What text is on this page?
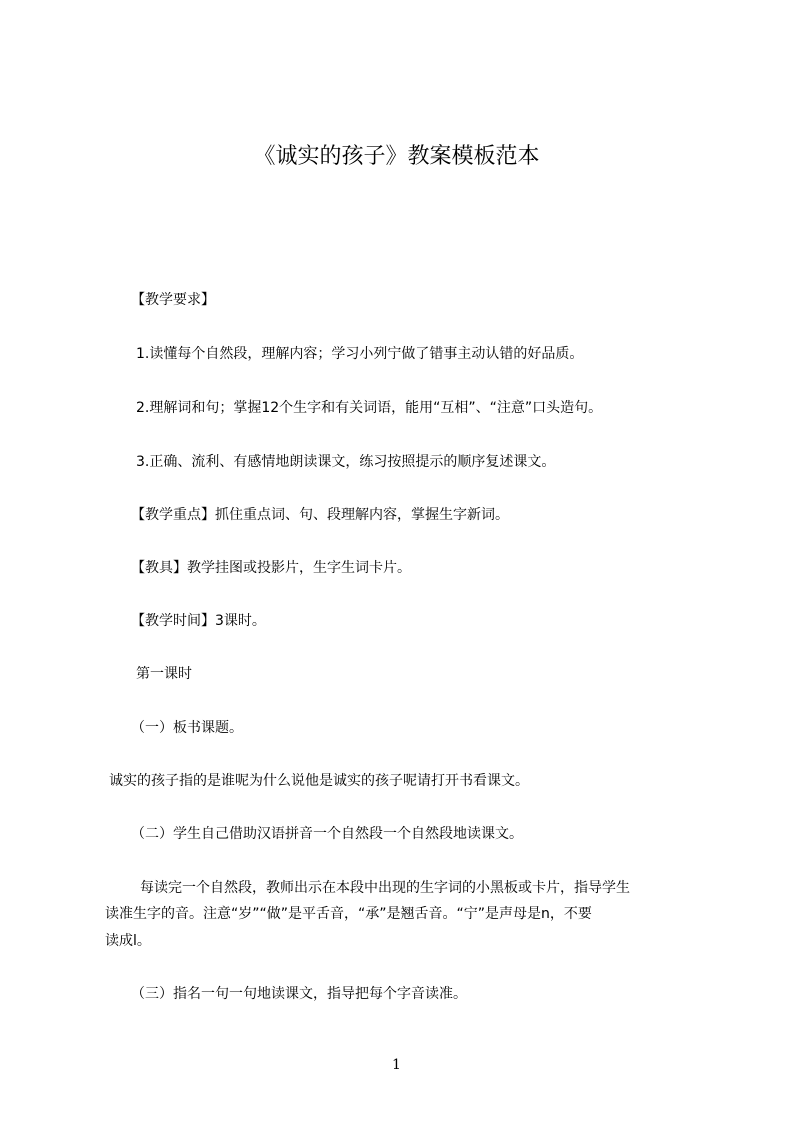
《诚实的孩子》教案模板范本
【教学要求】
1.读懂每个自然段，理解内容；学习小列宁做了错事主动认错的好品质。
2.理解词和句；掌握12个生字和有关词语，能用“互相”、“注意”口头造句。
3.正确、流利、有感情地朗读课文，练习按照提示的顺序复述课文。
【教学重点】抓住重点词、句、段理解内容，掌握生字新词。
【教具】教学挂图或投影片，生字生词卡片。
【教学时间】3课时。
第一课时
（一）板书课题。
诚实的孩子指的是谁呢为什么说他是诚实的孩子呢请打开书看课文。
（二）学生自己借助汉语拼音一个自然段一个自然段地读课文。
每读完一个自然段，教师出示在本段中出现的生字词的小黑板或卡片，指导学生
读准生字的音。注意“岁”“做”是平舌音，“承”是翘舌音。“宁”是声母是n，不要
读成l。
（三）指名一句一句地读课文，指导把每个字音读准。
1
